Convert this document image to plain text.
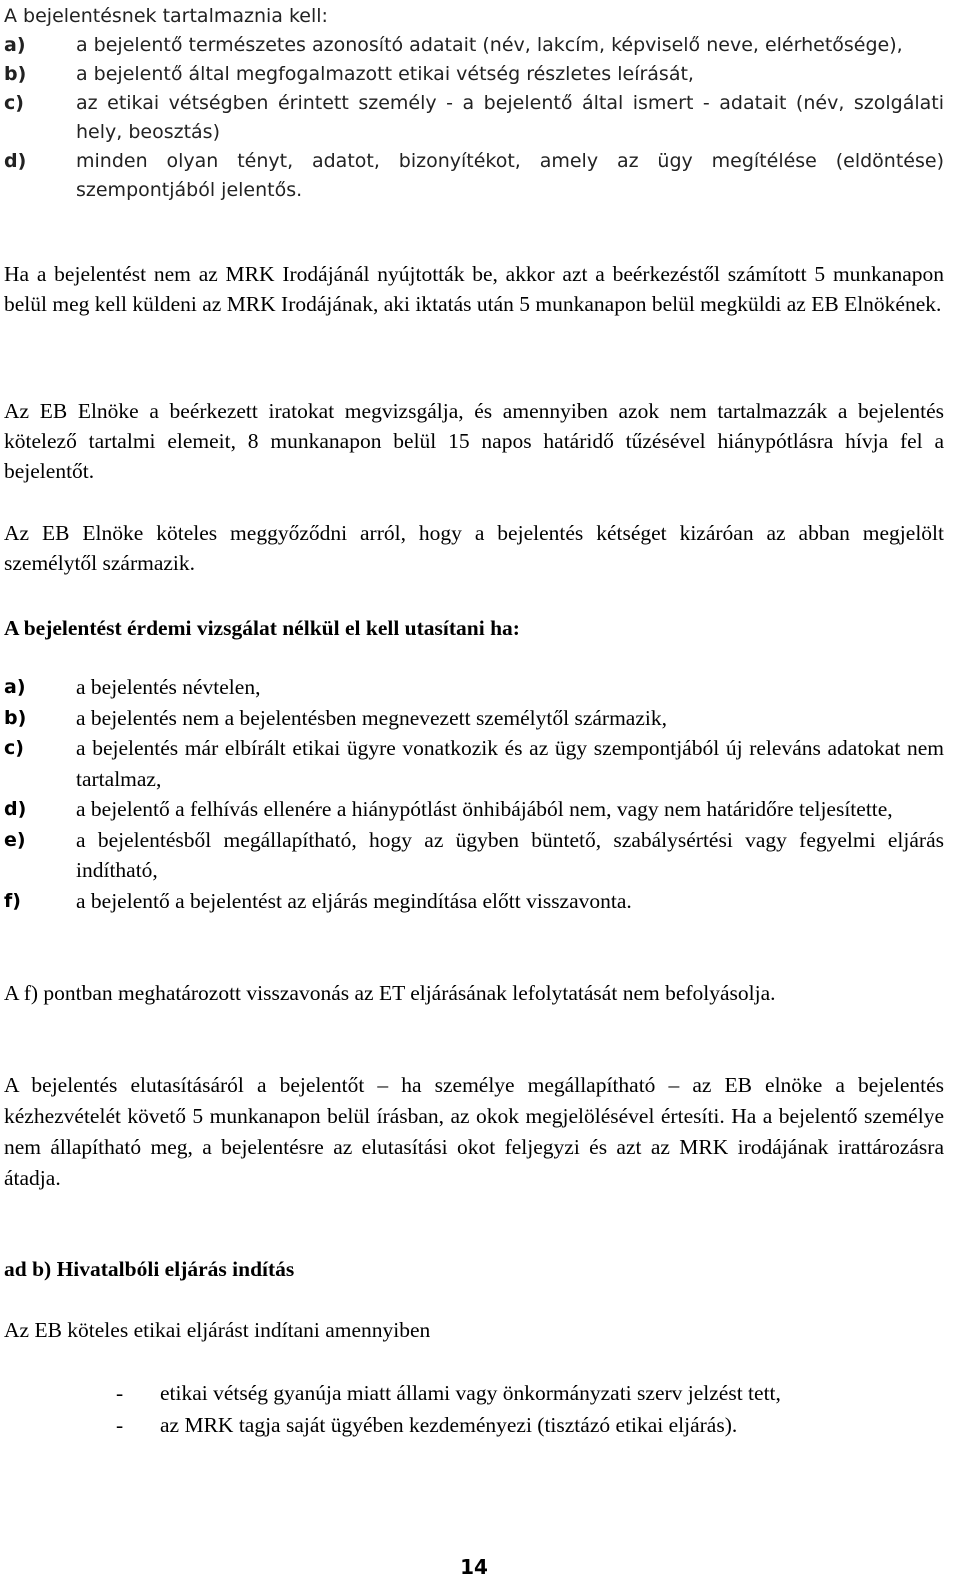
A bejelentésnek tartalmaznia kell:
a)	a bejelentő természetes azonosító adatait (név, lakcím, képviselő neve, elérhetősége),
b)	a bejelentő által megfogalmazott etikai vétség részletes leírását,
c)	az etikai vétségben érintett személy - a bejelentő által ismert - adatait (név, szolgálati hely, beosztás)
d)	minden olyan tényt, adatot, bizonyítékot, amely az ügy megítélése (eldöntése) szempontjából jelentős.
Ha a bejelentést nem az MRK Irodájánál nyújtották be, akkor azt a beérkezéstől számított 5 munkanapon belül meg kell küldeni az MRK Irodájának, aki iktatás után 5 munkanapon belül megküldi az EB Elnökének.
Az EB Elnöke a beérkezett iratokat megvizsgálja, és amennyiben azok nem tartalmazzák a bejelentés kötelező tartalmi elemeit, 8 munkanapon belül 15 napos határidő tűzésével hiánypótlásra hívja fel a bejelentőt.
Az EB Elnöke köteles meggyőződni arról, hogy a bejelentés kétséget kizáróan az abban megjelölt személytől származik.
A bejelentést érdemi vizsgálat nélkül el kell utasítani ha:
a) a bejelentés névtelen,
b) a bejelentés nem a bejelentésben megnevezett személytől származik,
c) a bejelentés már elbírált etikai ügyre vonatkozik és az ügy szempontjából új releváns adatokat nem tartalmaz,
d) a bejelentő a felhívás ellenére a hiánypótlást önhibájából nem, vagy nem határidőre teljesítette,
e) a bejelentésből megállapítható, hogy az ügyben büntető, szabálysértési vagy fegyelmi eljárás indítható,
f)	a bejelentő a bejelentést az eljárás megindítása előtt visszavonta.
A f) pontban meghatározott visszavonás az ET eljárásának lefolytatását nem befolyásolja.
A bejelentés elutasításáról a bejelentőt – ha személye megállapítható – az EB elnöke a bejelentés kézhezvételét követő 5 munkanapon belül írásban, az okok megjelölésével értesíti. Ha a bejelentő személye nem állapítható meg, a bejelentésre az elutasítási okot feljegyzi és azt az MRK irodájának irattározásra átadja.
ad b) Hivatalbóli eljárás indítás
Az EB köteles etikai eljárást indítani amennyiben
- etikai vétség gyanúja miatt állami vagy önkormányzati szerv jelzést tett,
- az MRK tagja saját ügyében kezdeményezi (tisztázó etikai eljárás).
14
